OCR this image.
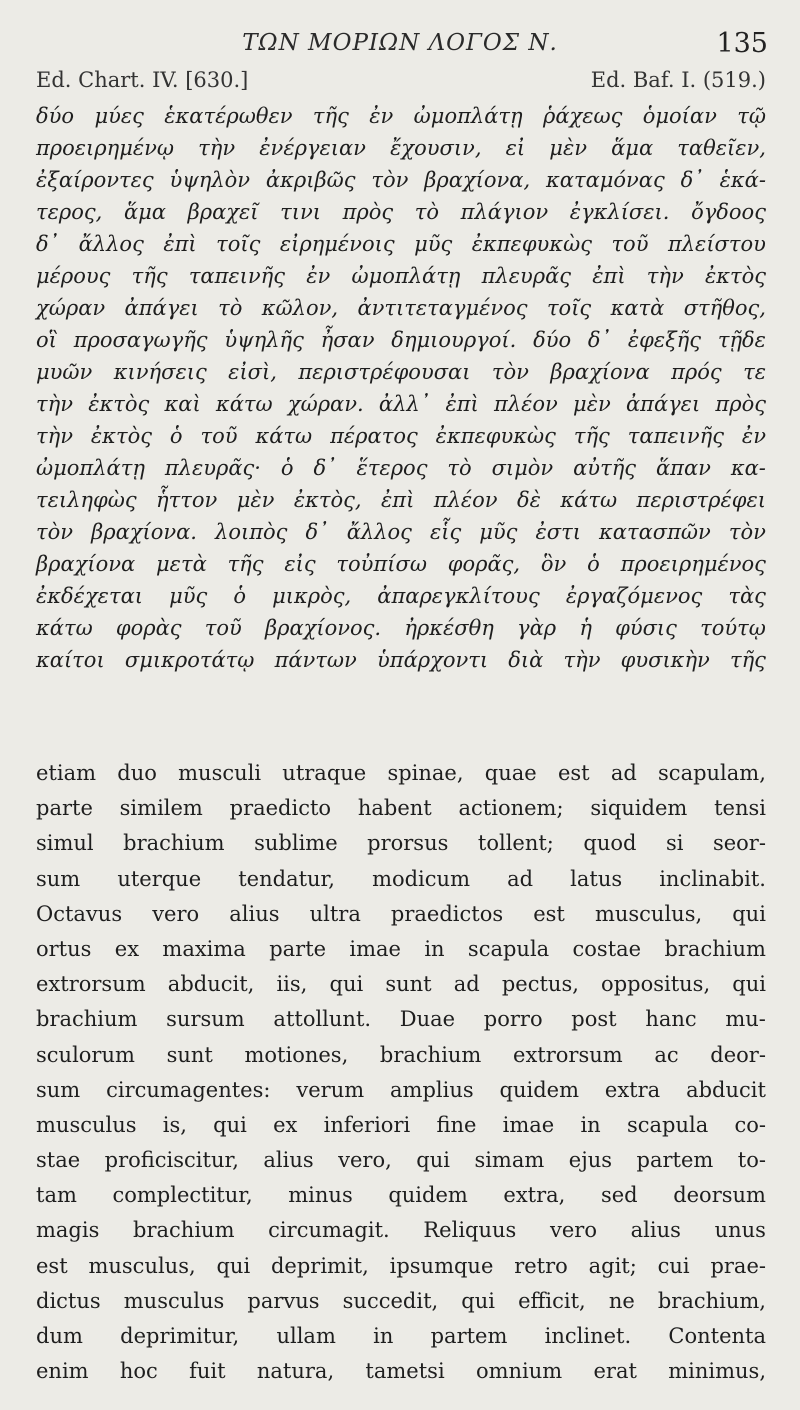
ΤΩΝ ΜΟΡΙΩΝ ΛΟΓΟΣ Ν.	135
Ed. Chart. IV. [630.]	Ed. Baf. I. (519.)
δύο μύες ἑκατέρωθεν τῆς ἐν ὠμοπλάτῃ ῥάχεως ὁμοίαν τῷ
προειρημένῳ τὴν ἐνέργειαν ἔχουσιν, εἰ μὲν ἅμα ταθεῖεν,
ἐξαίροντες ὑψηλὸν ἀκριβῶς τὸν βραχίονα, καταμόνας δ᾽ ἑκά-
τερος, ἅμα βραχεῖ τινι πρὸς τὸ πλάγιον ἐγκλίσει. ὄγδοος
δ᾽ ἄλλος ἐπὶ τοῖς εἰρημένοις μῦς ἐκπεφυκὼς τοῦ πλείστου
μέρους τῆς ταπεινῆς ἐν ὠμοπλάτῃ πλευρᾶς ἐπὶ τὴν ἐκτὸς
χώραν ἀπάγει τὸ κῶλον, ἀντιτεταγμένος τοῖς κατὰ στῆθος,
οἳ προσαγωγῆς ὑψηλῆς ἦσαν δημιουργοί. δύο δ᾽ ἐφεξῆς τῇδε
μυῶν κινήσεις εἰσὶ, περιστρέφουσαι τὸν βραχίονα πρός τε
τὴν ἐκτὸς καὶ κάτω χώραν. ἀλλ᾽ ἐπὶ πλέον μὲν ἀπάγει πρὸς
τὴν ἐκτὸς ὁ τοῦ κάτω πέρατος ἐκπεφυκὼς τῆς ταπεινῆς ἐν
ὠμοπλάτῃ πλευρᾶς· ὁ δ᾽ ἕτερος τὸ σιμὸν αὐτῆς ἅπαν κα-
τειληφὼς ἧττον μὲν ἐκτὸς, ἐπὶ πλέον δὲ κάτω περιστρέφει
τὸν βραχίονα. λοιπὸς δ᾽ ἄλλος εἷς μῦς ἐστι κατασπῶν τὸν
βραχίονα μετὰ τῆς εἰς τοὐπίσω φορᾶς, ὃν ὁ προειρημένος
ἐκδέχεται μῦς ὁ μικρὸς, ἀπαρεγκλίτους ἐργαζόμενος τὰς
κάτω φορὰς τοῦ βραχίονος. ἠρκέσθη γὰρ ἡ φύσις τούτῳ
καίτοι σμικροτάτῳ πάντων ὑπάρχοντι διὰ τὴν φυσικὴν τῆς
etiam duo musculi utraque spinae, quae est ad scapulam,
parte similem praedicto habent actionem; siquidem tensi
simul brachium sublime prorsus tollent; quod si seor-
sum uterque tendatur, modicum ad latus inclinabit.
Octavus vero alius ultra praedictos est musculus, qui
ortus ex maxima parte imae in scapula costae brachium
extrorsum abducit, iis, qui sunt ad pectus, oppositus, qui
brachium sursum attollunt. Duae porro post hanc mu-
sculorum sunt motiones, brachium extrorsum ac deor-
sum circumagentes: verum amplius quidem extra abducit
musculus is, qui ex inferiori fine imae in scapula co-
stae proficiscitur, alius vero, qui simam ejus partem to-
tam complectitur, minus quidem extra, sed deorsum
magis brachium circumagit. Reliquus vero alius unus
est musculus, qui deprimit, ipsumque retro agit; cui prae-
dictus musculus parvus succedit, qui efficit, ne brachium,
dum deprimitur, ullam in partem inclinet. Contenta
enim hoc fuit natura, tametsi omnium erat minimus,
